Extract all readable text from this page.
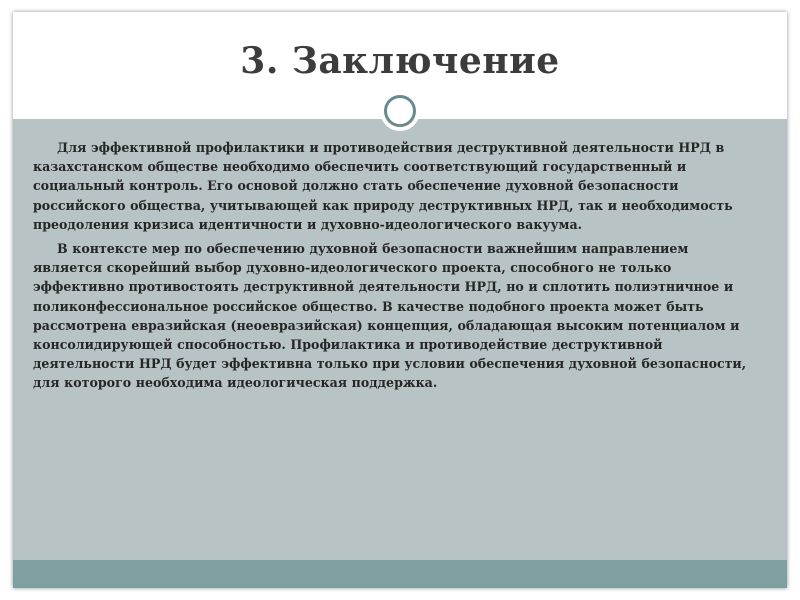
3. Заключение

Для эффективной профилактики и противодействия деструктивной деятельности НРД в казахстанском обществе необходимо обеспечить соответствующий государственный и социальный контроль. Его основой должно стать обеспечение духовной безопасности российского общества, учитывающей как природу деструктивных НРД, так и необходимость преодоления кризиса идентичности и духовно-идеологического вакуума.

В контексте мер по обеспечению духовной безопасности важнейшим направлением является скорейший выбор духовно-идеологического проекта, способного не только эффективно противостоять деструктивной деятельности НРД, но и сплотить полиэтничное и поликонфессиональное российское общество. В качестве подобного проекта может быть рассмотрена евразийская (неоевразийская) концепция, обладающая высоким потенциалом и консолидирующей способностью. Профилактика и противодействие деструктивной деятельности НРД будет эффективна только при условии обеспечения духовной безопасности, для которого необходима идеологическая поддержка.
